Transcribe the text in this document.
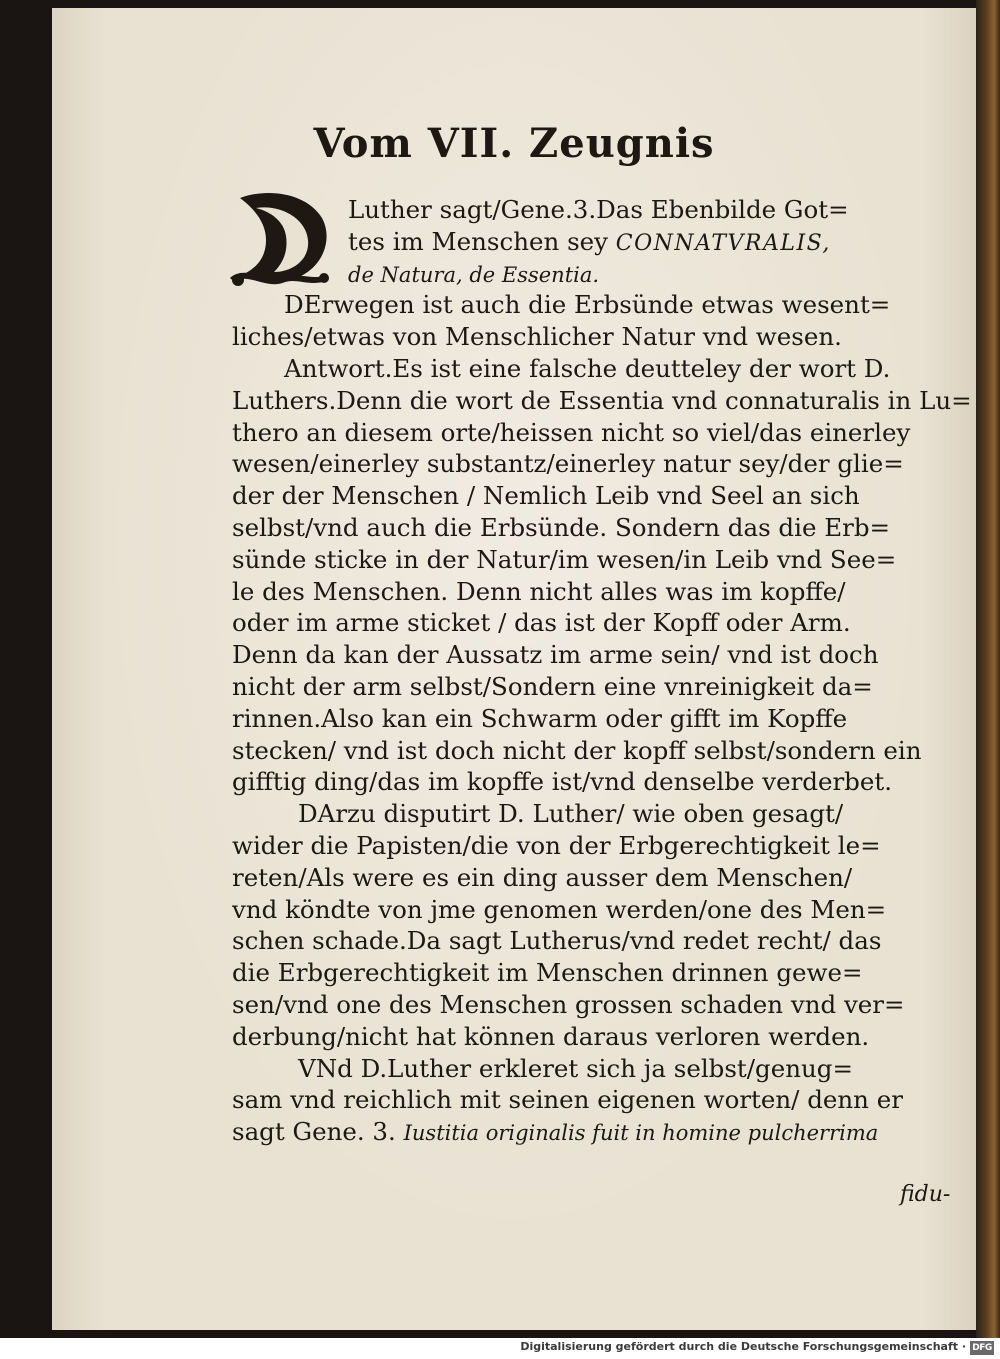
Vom VII. Zeugnis
Luther sagt/Gene.3.Das Ebenbilde Got=
tes im Menschen sey CONNATVRALIS,
de Natura, de Essentia.
DErwegen ist auch die Erbsünde etwas wesent=
liches/etwas von Menschlicher Natur vnd wesen.
Antwort.Es ist eine falsche deutteley der wort D.
Luthers.Denn die wort de Essentia vnd connaturalis in Lu=
thero an diesem orte/heissen nicht so viel/das einerley
wesen/einerley substantz/einerley natur sey/der glie=
der der Menschen / Nemlich Leib vnd Seel an sich
selbst/vnd auch die Erbsünde. Sondern das die Erb=
sünde sticke in der Natur/im wesen/in Leib vnd See=
le des Menschen. Denn nicht alles was im kopffe/
oder im arme sticket / das ist der Kopff oder Arm.
Denn da kan der Aussatz im arme sein/ vnd ist doch
nicht der arm selbst/Sondern eine vnreinigkeit da=
rinnen.Also kan ein Schwarm oder gifft im Kopffe
stecken/ vnd ist doch nicht der kopff selbst/sondern ein
gifftig ding/das im kopffe ist/vnd denselbe verderbet.
DArzu disputirt D. Luther/ wie oben gesagt/
wider die Papisten/die von der Erbgerechtigkeit le=
reten/Als were es ein ding ausser dem Menschen/
vnd köndte von jme genomen werden/one des Men=
schen schade.Da sagt Lutherus/vnd redet recht/ das
die Erbgerechtigkeit im Menschen drinnen gewe=
sen/vnd one des Menschen grossen schaden vnd ver=
derbung/nicht hat können daraus verloren werden.
VNd D.Luther erkleret sich ja selbst/genug=
sam vnd reichlich mit seinen eigenen worten/ denn er
sagt Gene. 3. Iustitia originalis fuit in homine pulcherrima
fidu-
Digitalisierung gefördert durch die Deutsche Forschungsgemeinschaft · DFG
